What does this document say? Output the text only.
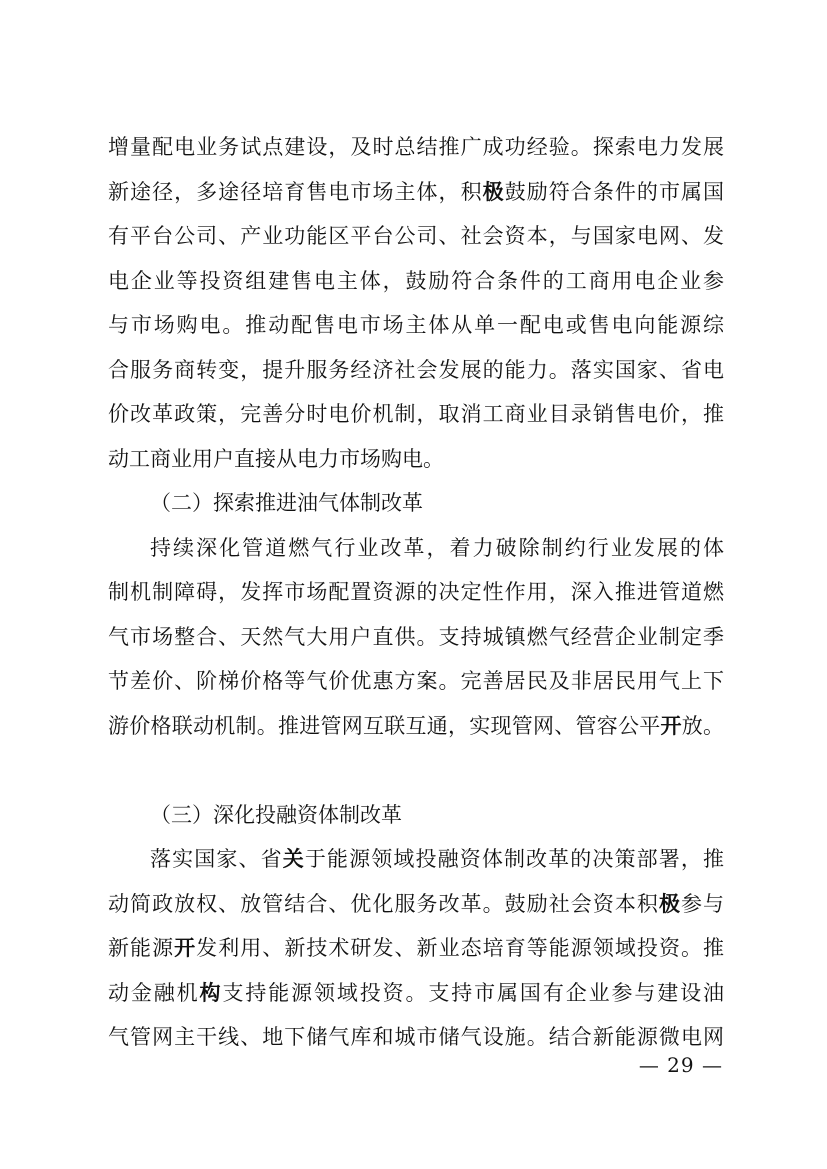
增量配电业务试点建设，及时总结推广成功经验。探索电力发展
新途径，多途径培育售电市场主体，积极鼓励符合条件的市属国
有平台公司、产业功能区平台公司、社会资本，与国家电网、发
电企业等投资组建售电主体，鼓励符合条件的工商用电企业参
与市场购电。推动配售电市场主体从单一配电或售电向能源综
合服务商转变，提升服务经济社会发展的能力。落实国家、省电
价改革政策，完善分时电价机制，取消工商业目录销售电价，推
动工商业用户直接从电力市场购电。
（二）探索推进油气体制改革
持续深化管道燃气行业改革，着力破除制约行业发展的体
制机制障碍，发挥市场配置资源的决定性作用，深入推进管道燃
气市场整合、天然气大用户直供。支持城镇燃气经营企业制定季
节差价、阶梯价格等气价优惠方案。完善居民及非居民用气上下
游价格联动机制。推进管网互联互通，实现管网、管容公平开放。
（三）深化投融资体制改革
落实国家、省关于能源领域投融资体制改革的决策部署，推
动简政放权、放管结合、优化服务改革。鼓励社会资本积极参与
新能源开发利用、新技术研发、新业态培育等能源领域投资。推
动金融机构支持能源领域投资。支持市属国有企业参与建设油
气管网主干线、地下储气库和城市储气设施。结合新能源微电网
— 29 —
